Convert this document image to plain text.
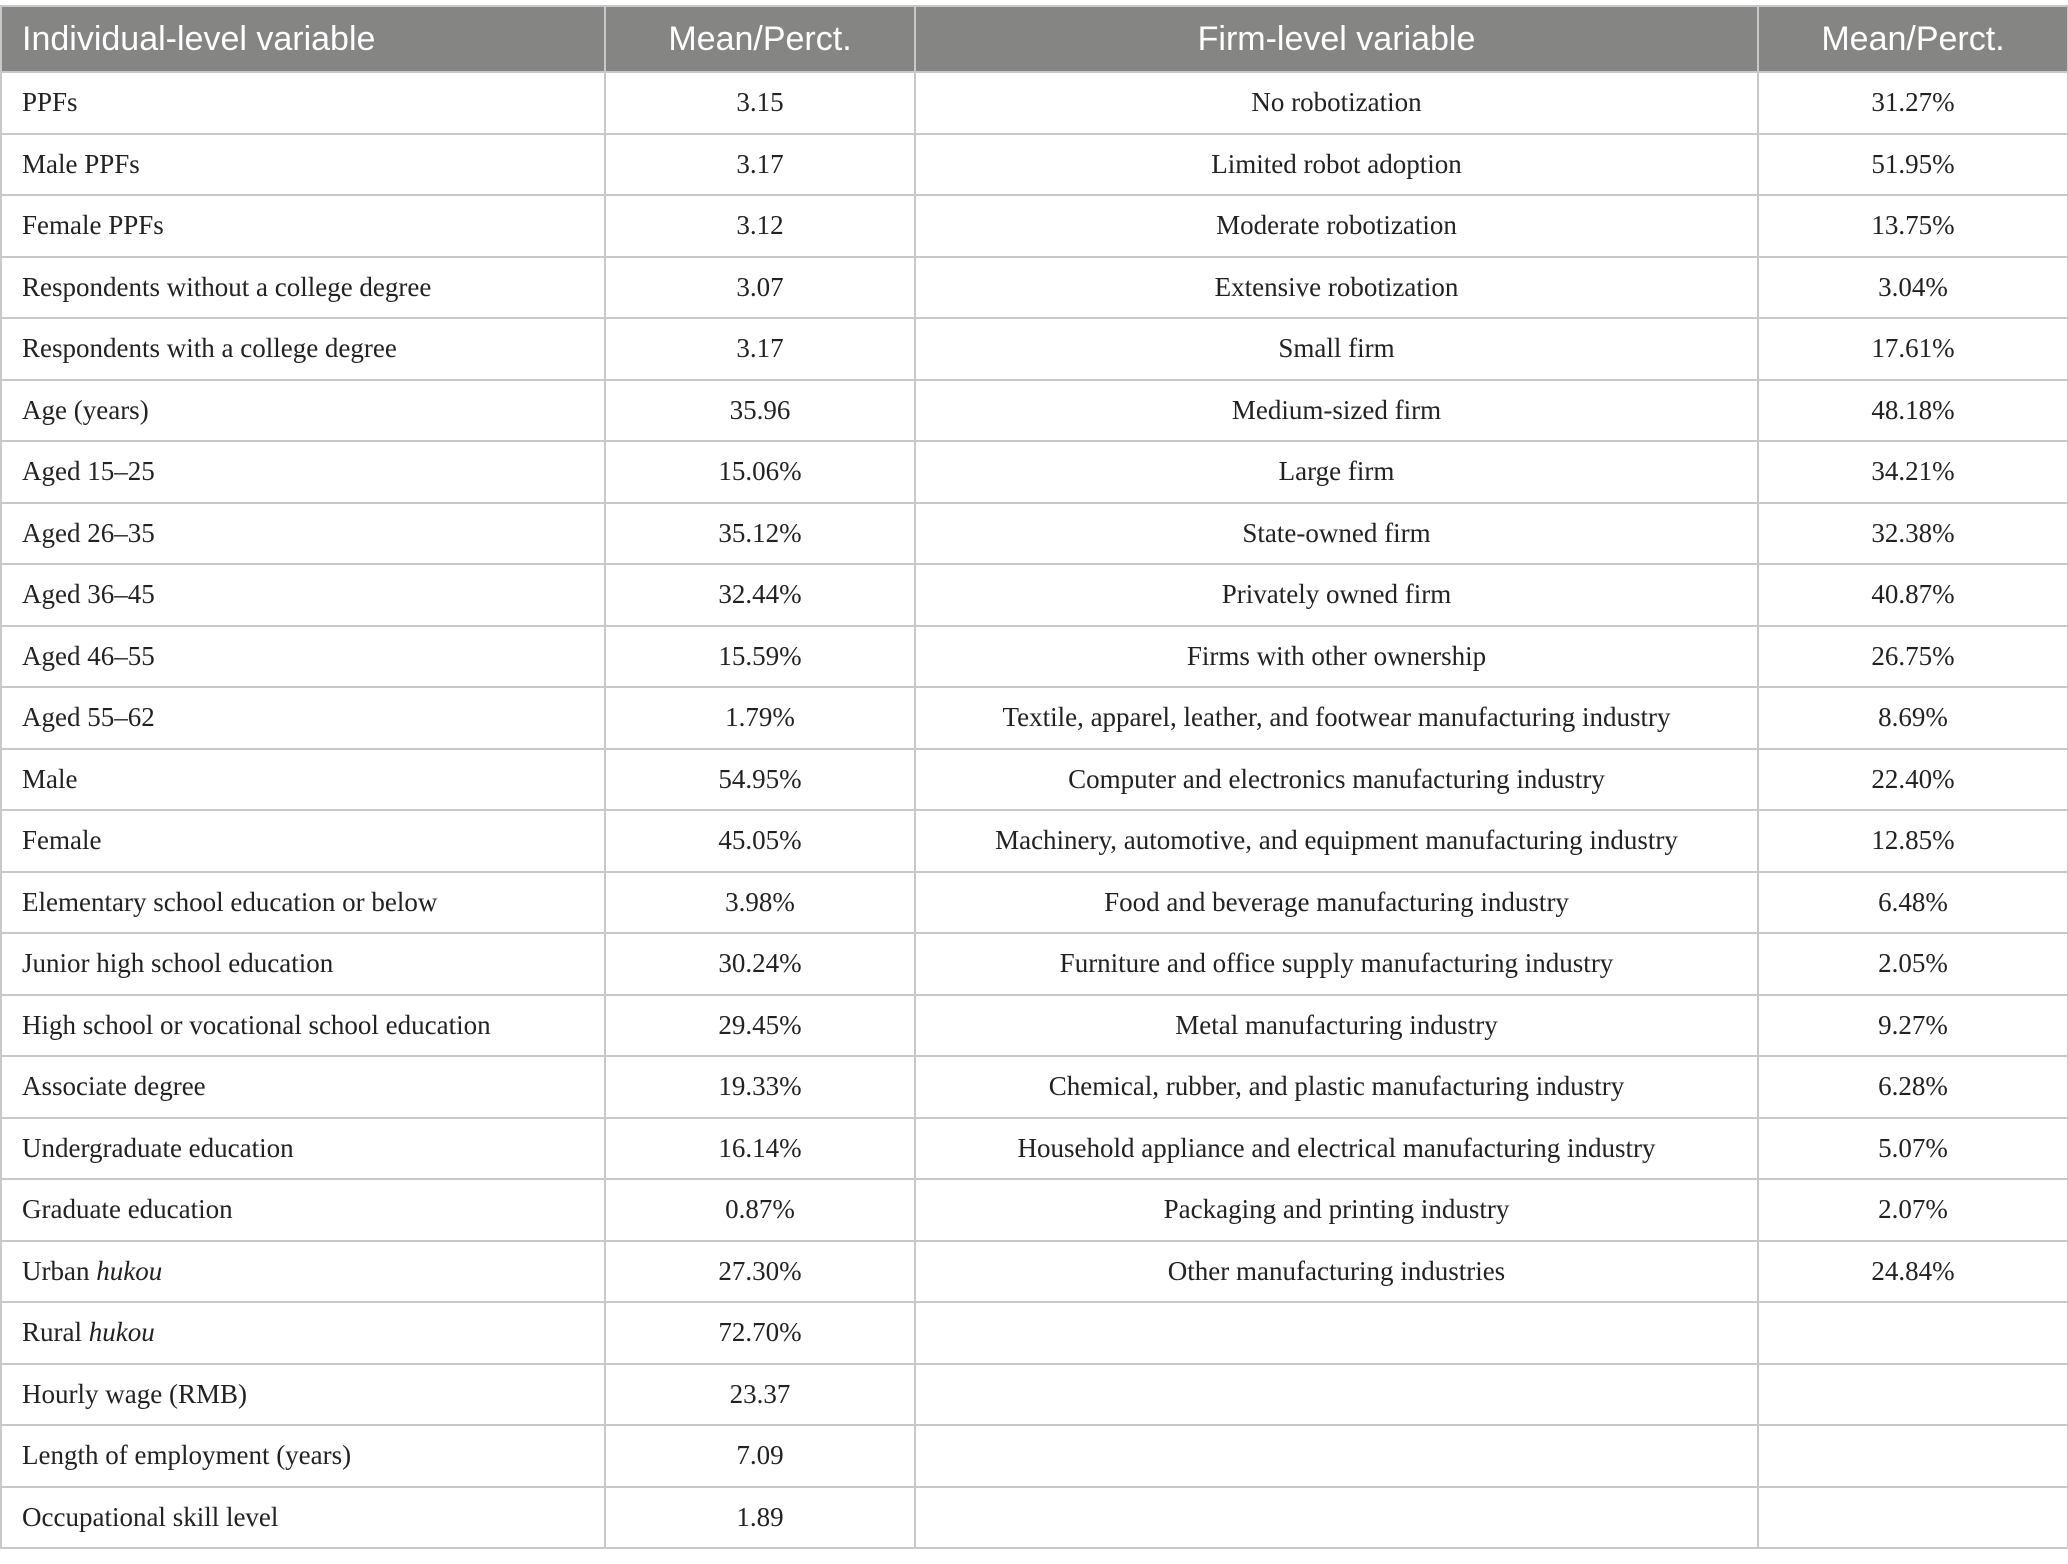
Individual-level variable	Mean/Perct.	Firm-level variable	Mean/Perct.
PPFs	3.15	No robotization	31.27%
Male PPFs	3.17	Limited robot adoption	51.95%
Female PPFs	3.12	Moderate robotization	13.75%
Respondents without a college degree	3.07	Extensive robotization	3.04%
Respondents with a college degree	3.17	Small firm	17.61%
Age (years)	35.96	Medium-sized firm	48.18%
Aged 15–25	15.06%	Large firm	34.21%
Aged 26–35	35.12%	State-owned firm	32.38%
Aged 36–45	32.44%	Privately owned firm	40.87%
Aged 46–55	15.59%	Firms with other ownership	26.75%
Aged 55–62	1.79%	Textile, apparel, leather, and footwear manufacturing industry	8.69%
Male	54.95%	Computer and electronics manufacturing industry	22.40%
Female	45.05%	Machinery, automotive, and equipment manufacturing industry	12.85%
Elementary school education or below	3.98%	Food and beverage manufacturing industry	6.48%
Junior high school education	30.24%	Furniture and office supply manufacturing industry	2.05%
High school or vocational school education	29.45%	Metal manufacturing industry	9.27%
Associate degree	19.33%	Chemical, rubber, and plastic manufacturing industry	6.28%
Undergraduate education	16.14%	Household appliance and electrical manufacturing industry	5.07%
Graduate education	0.87%	Packaging and printing industry	2.07%
Urban hukou	27.30%	Other manufacturing industries	24.84%
Rural hukou	72.70%		
Hourly wage (RMB)	23.37		
Length of employment (years)	7.09		
Occupational skill level	1.89		
